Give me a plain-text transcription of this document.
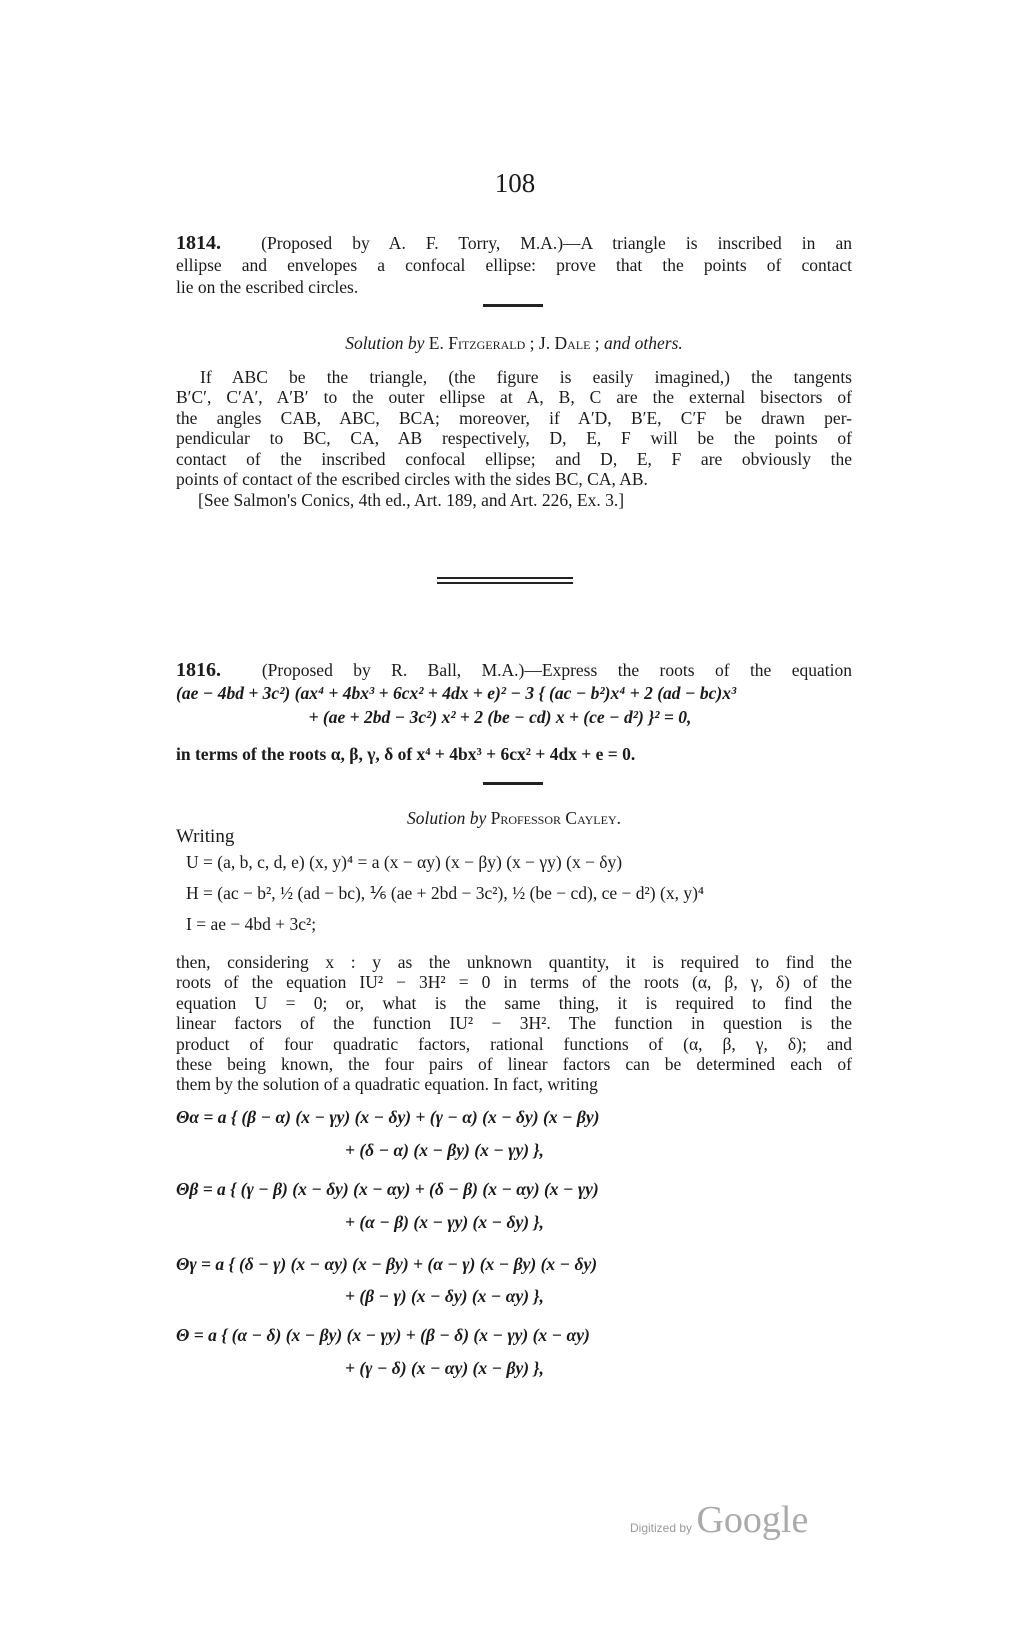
108
1814. (Proposed by A. F. Torry, M.A.)—A triangle is inscribed in an
ellipse and envelopes a confocal ellipse: prove that the points of contact
lie on the escribed circles.
Solution by E. Fitzgerald ; J. Dale ; and others.
If ABC be the triangle, (the figure is easily imagined,) the tangents
B′C′, C′A′, A′B′ to the outer ellipse at A, B, C are the external bisectors of
the angles CAB, ABC, BCA; moreover, if A′D, B′E, C′F be drawn per-
pendicular to BC, CA, AB respectively, D, E, F will be the points of
contact of the inscribed confocal ellipse; and D, E, F are obviously the
points of contact of the escribed circles with the sides BC, CA, AB.
[See Salmon's Conics, 4th ed., Art. 189, and Art. 226, Ex. 3.]
1816. (Proposed by R. Ball, M.A.)—Express the roots of the equation
(ae − 4bd + 3c²) (ax⁴ + 4bx³ + 6cx² + 4dx + e)² − 3 { (ac − b²)x⁴ + 2 (ad − bc)x³
+ (ae + 2bd − 3c²) x² + 2 (be − cd) x + (ce − d²) }² = 0,
in terms of the roots α, β, γ, δ of x⁴ + 4bx³ + 6cx² + 4dx + e = 0.
Solution by Professor Cayley.
Writing
U = (a, b, c, d, e) (x, y)⁴ = a (x − αy) (x − βy) (x − γy) (x − δy)
H = (ac − b², ½ (ad − bc), ⅙ (ae + 2bd − 3c²), ½ (be − cd), ce − d²) (x, y)⁴
I = ae − 4bd + 3c²;
then, considering x : y as the unknown quantity, it is required to find the
roots of the equation IU² − 3H² = 0 in terms of the roots (α, β, γ, δ) of the
equation U = 0; or, what is the same thing, it is required to find the
linear factors of the function IU² − 3H². The function in question is the
product of four quadratic factors, rational functions of (α, β, γ, δ); and
these being known, the four pairs of linear factors can be determined each of
them by the solution of a quadratic equation. In fact, writing
Θα = a { (β − α) (x − γy) (x − δy) + (γ − α) (x − δy) (x − βy)
+ (δ − α) (x − βy) (x − γy) },
Θβ = a { (γ − β) (x − δy) (x − αy) + (δ − β) (x − αy) (x − γy)
+ (α − β) (x − γy) (x − δy) },
Θγ = a { (δ − γ) (x − αy) (x − βy) + (α − γ) (x − βy) (x − δy)
+ (β − γ) (x − δy) (x − αy) },
Θ = a { (α − δ) (x − βy) (x − γy) + (β − δ) (x − γy) (x − αy)
+ (γ − δ) (x − αy) (x − βy) },
Digitized by Google
